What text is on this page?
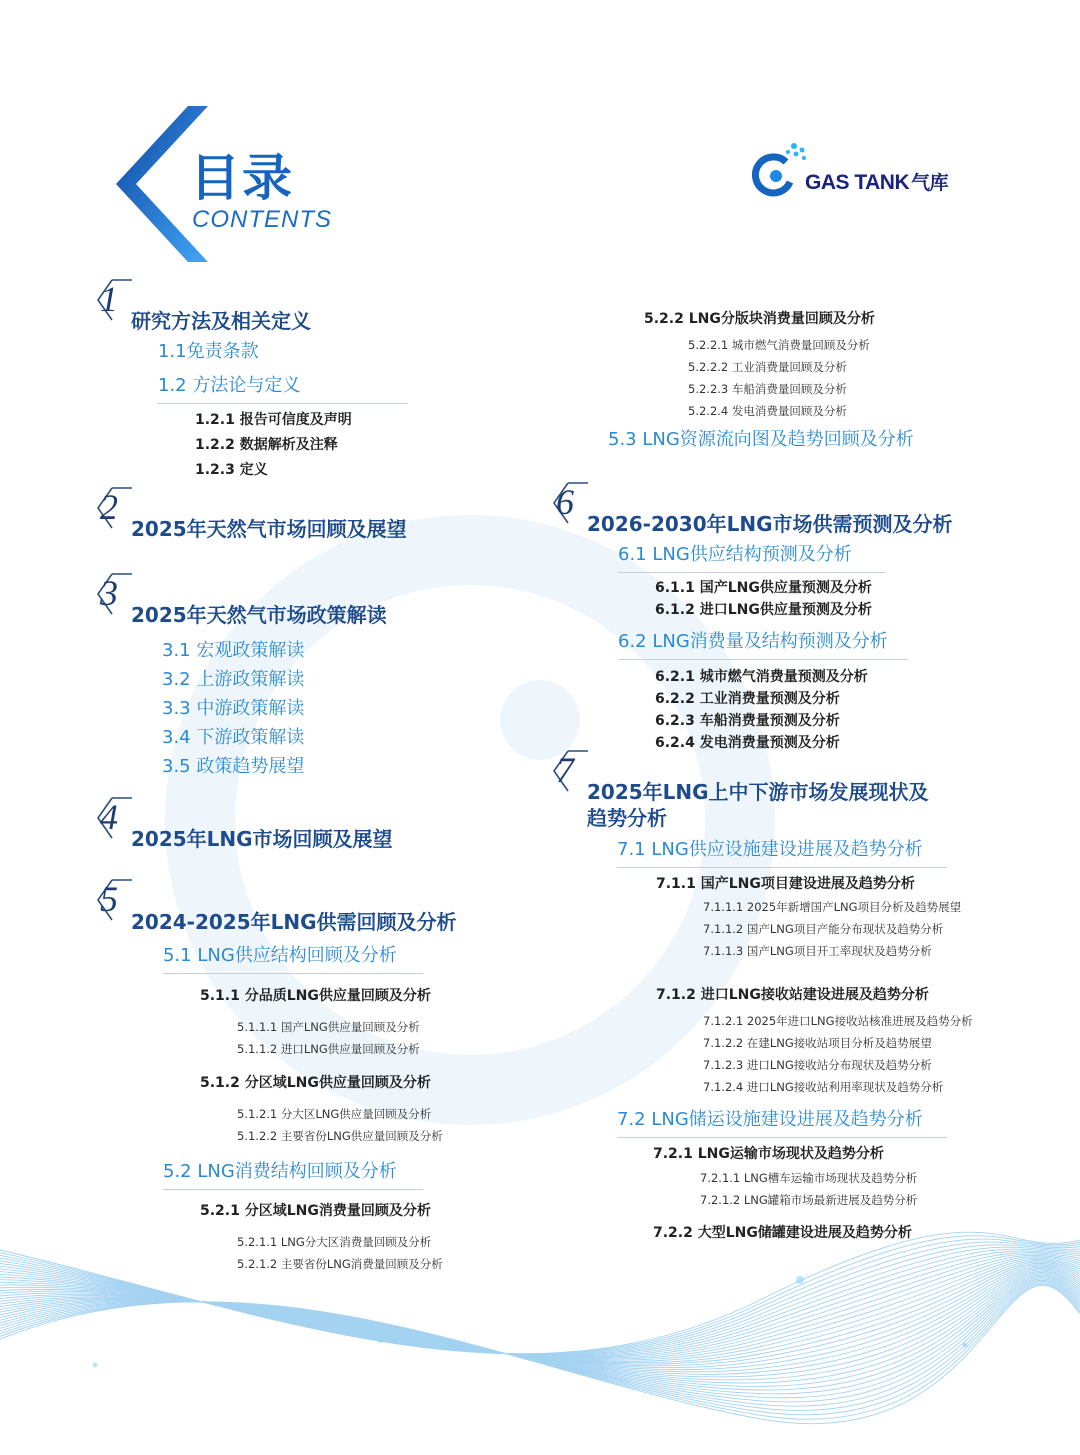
目录
CONTENTS
GAS TANK 气库
1
研究方法及相关定义
1.1免责条款
1.2 方法论与定义
1.2.1 报告可信度及声明
1.2.2 数据解析及注释
1.2.3 定义
2
2025年天然气市场回顾及展望
3
2025年天然气市场政策解读
3.1 宏观政策解读
3.2 上游政策解读
3.3 中游政策解读
3.4 下游政策解读
3.5 政策趋势展望
4
2025年LNG市场回顾及展望
5
2024-2025年LNG供需回顾及分析
5.1 LNG供应结构回顾及分析
5.1.1 分品质LNG供应量回顾及分析
5.1.1.1 国产LNG供应量回顾及分析
5.1.1.2 进口LNG供应量回顾及分析
5.1.2 分区域LNG供应量回顾及分析
5.1.2.1 分大区LNG供应量回顾及分析
5.1.2.2 主要省份LNG供应量回顾及分析
5.2 LNG消费结构回顾及分析
5.2.1 分区域LNG消费量回顾及分析
5.2.1.1 LNG分大区消费量回顾及分析
5.2.1.2 主要省份LNG消费量回顾及分析
5.2.2 LNG分版块消费量回顾及分析
5.2.2.1 城市燃气消费量回顾及分析
5.2.2.2 工业消费量回顾及分析
5.2.2.3 车船消费量回顾及分析
5.2.2.4 发电消费量回顾及分析
5.3 LNG资源流向图及趋势回顾及分析
6
2026-2030年LNG市场供需预测及分析
6.1 LNG供应结构预测及分析
6.1.1 国产LNG供应量预测及分析
6.1.2 进口LNG供应量预测及分析
6.2 LNG消费量及结构预测及分析
6.2.1 城市燃气消费量预测及分析
6.2.2 工业消费量预测及分析
6.2.3 车船消费量预测及分析
6.2.4 发电消费量预测及分析
7
2025年LNG上中下游市场发展现状及
趋势分析
7.1 LNG供应设施建设进展及趋势分析
7.1.1 国产LNG项目建设进展及趋势分析
7.1.1.1 2025年新增国产LNG项目分析及趋势展望
7.1.1.2 国产LNG项目产能分布现状及趋势分析
7.1.1.3 国产LNG项目开工率现状及趋势分析
7.1.2 进口LNG接收站建设进展及趋势分析
7.1.2.1 2025年进口LNG接收站核准进展及趋势分析
7.1.2.2 在建LNG接收站项目分析及趋势展望
7.1.2.3 进口LNG接收站分布现状及趋势分析
7.1.2.4 进口LNG接收站利用率现状及趋势分析
7.2 LNG储运设施建设进展及趋势分析
7.2.1 LNG运输市场现状及趋势分析
7.2.1.1 LNG槽车运输市场现状及趋势分析
7.2.1.2 LNG罐箱市场最新进展及趋势分析
7.2.2 大型LNG储罐建设进展及趋势分析
